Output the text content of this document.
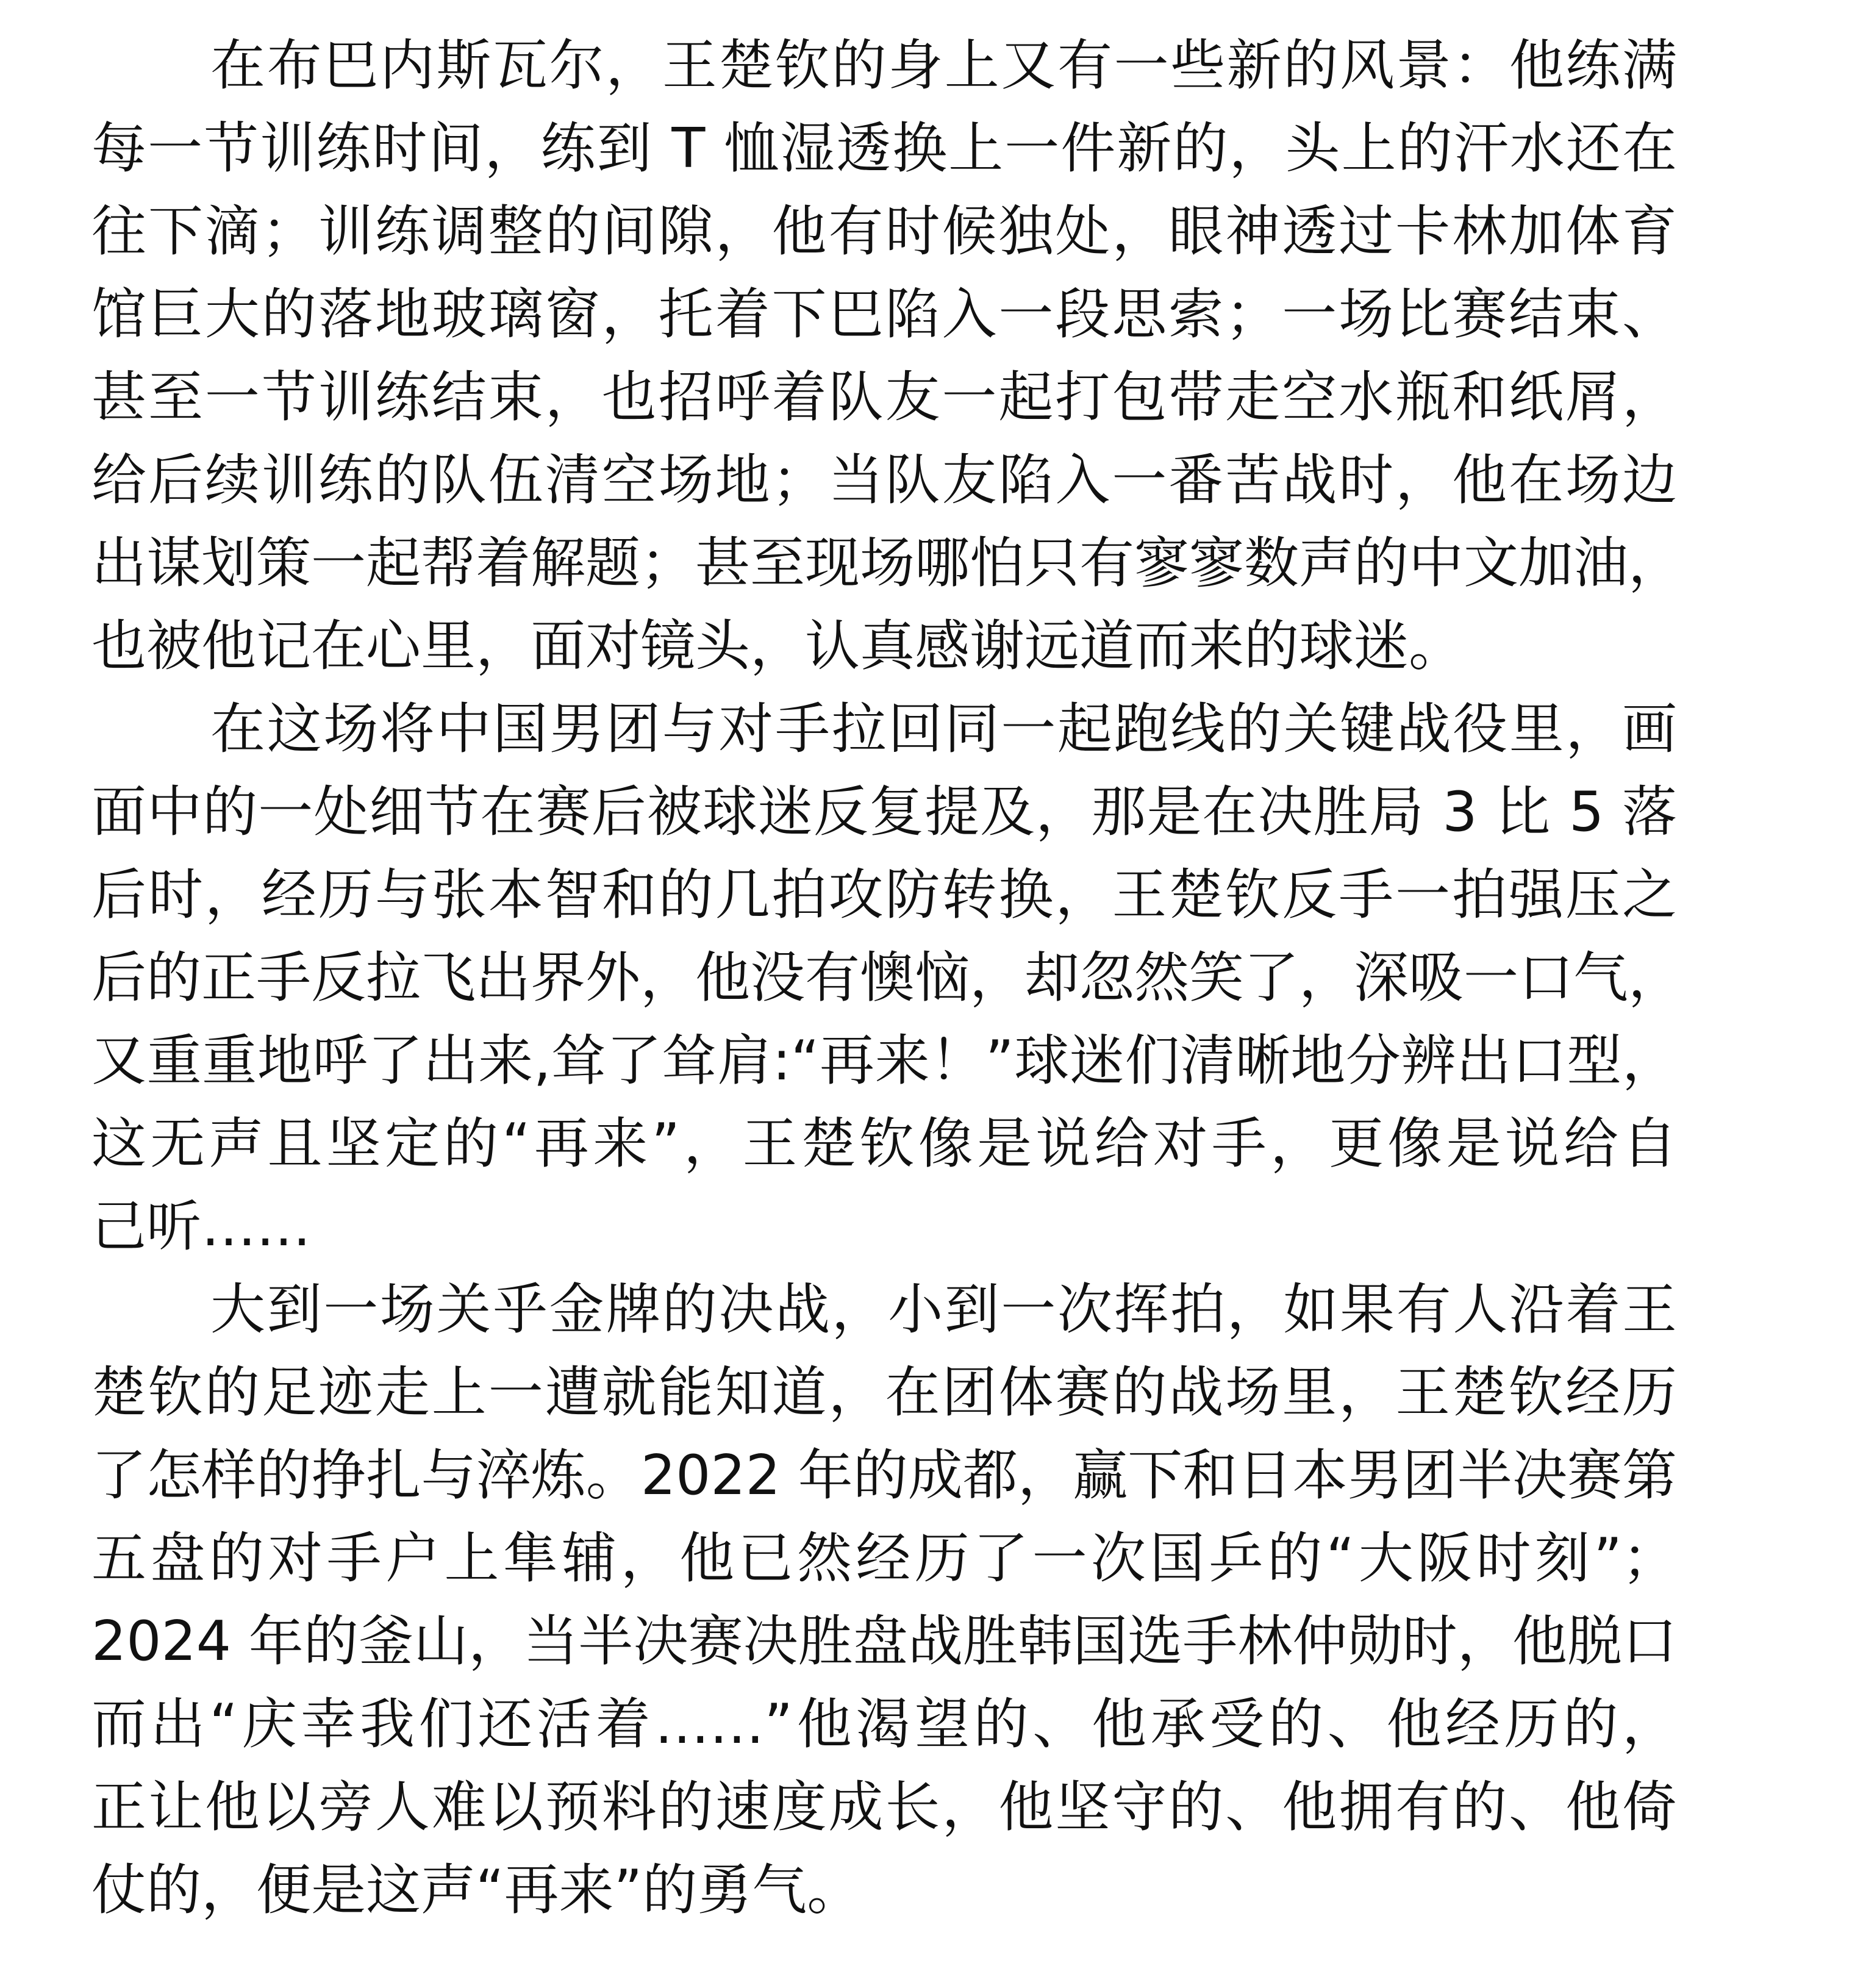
在布巴内斯瓦尔，王楚钦的身上又有一些新的风景：他练满
每一节训练时间，练到 T 恤湿透换上一件新的，头上的汗水还在
往下滴；训练调整的间隙，他有时候独处，眼神透过卡林加体育
馆巨大的落地玻璃窗，托着下巴陷入一段思索；一场比赛结束、
甚至一节训练结束，也招呼着队友一起打包带走空水瓶和纸屑，
给后续训练的队伍清空场地；当队友陷入一番苦战时，他在场边
出谋划策一起帮着解题；甚至现场哪怕只有寥寥数声的中文加油，
也被他记在心里，面对镜头，认真感谢远道而来的球迷。
在这场将中国男团与对手拉回同一起跑线的关键战役里，画
面中的一处细节在赛后被球迷反复提及，那是在决胜局 3 比 5 落
后时，经历与张本智和的几拍攻防转换，王楚钦反手一拍强压之
后的正手反拉飞出界外，他没有懊恼，却忽然笑了，深吸一口气，
又重重地呼了出来,耸了耸肩:“再来！”球迷们清晰地分辨出口型，
这无声且坚定的“再来”，王楚钦像是说给对手，更像是说给自
己听……
大到一场关乎金牌的决战，小到一次挥拍，如果有人沿着王
楚钦的足迹走上一遭就能知道，在团体赛的战场里，王楚钦经历
了怎样的挣扎与淬炼。2022 年的成都，赢下和日本男团半决赛第
五盘的对手户上隼辅，他已然经历了一次国乒的“大阪时刻”；
2024 年的釜山，当半决赛决胜盘战胜韩国选手林仲勋时，他脱口
而出“庆幸我们还活着……”他渴望的、他承受的、他经历的，
正让他以旁人难以预料的速度成长，他坚守的、他拥有的、他倚
仗的，便是这声“再来”的勇气。
